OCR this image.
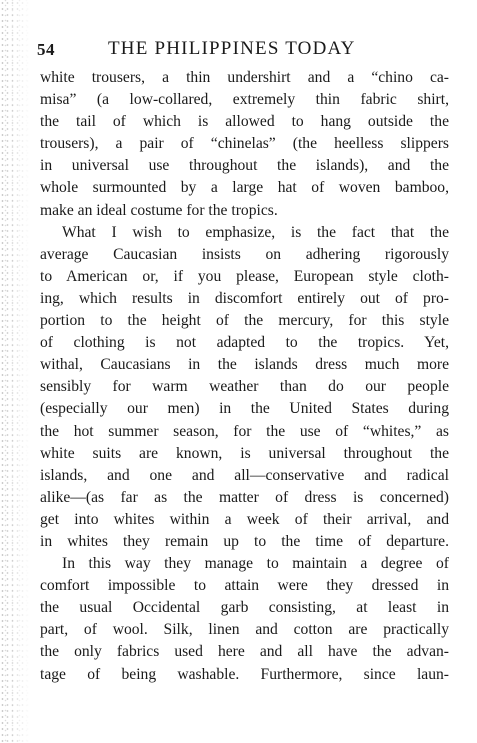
54	THE PHILIPPINES TODAY
white trousers, a thin undershirt and a “chino ca-
misa” (a low-collared, extremely thin fabric shirt,
the tail of which is allowed to hang outside the
trousers), a pair of “chinelas” (the heelless slippers
in universal use throughout the islands), and the
whole surmounted by a large hat of woven bamboo,
make an ideal costume for the tropics.
What I wish to emphasize, is the fact that the
average Caucasian insists on adhering rigorously
to American or, if you please, European style cloth-
ing, which results in discomfort entirely out of pro-
portion to the height of the mercury, for this style
of clothing is not adapted to the tropics. Yet,
withal, Caucasians in the islands dress much more
sensibly for warm weather than do our people
(especially our men) in the United States during
the hot summer season, for the use of “whites,” as
white suits are known, is universal throughout the
islands, and one and all—conservative and radical
alike—(as far as the matter of dress is concerned)
get into whites within a week of their arrival, and
in whites they remain up to the time of departure.
In this way they manage to maintain a degree of
comfort impossible to attain were they dressed in
the usual Occidental garb consisting, at least in
part, of wool. Silk, linen and cotton are practically
the only fabrics used here and all have the advan-
tage of being washable. Furthermore, since laun-
